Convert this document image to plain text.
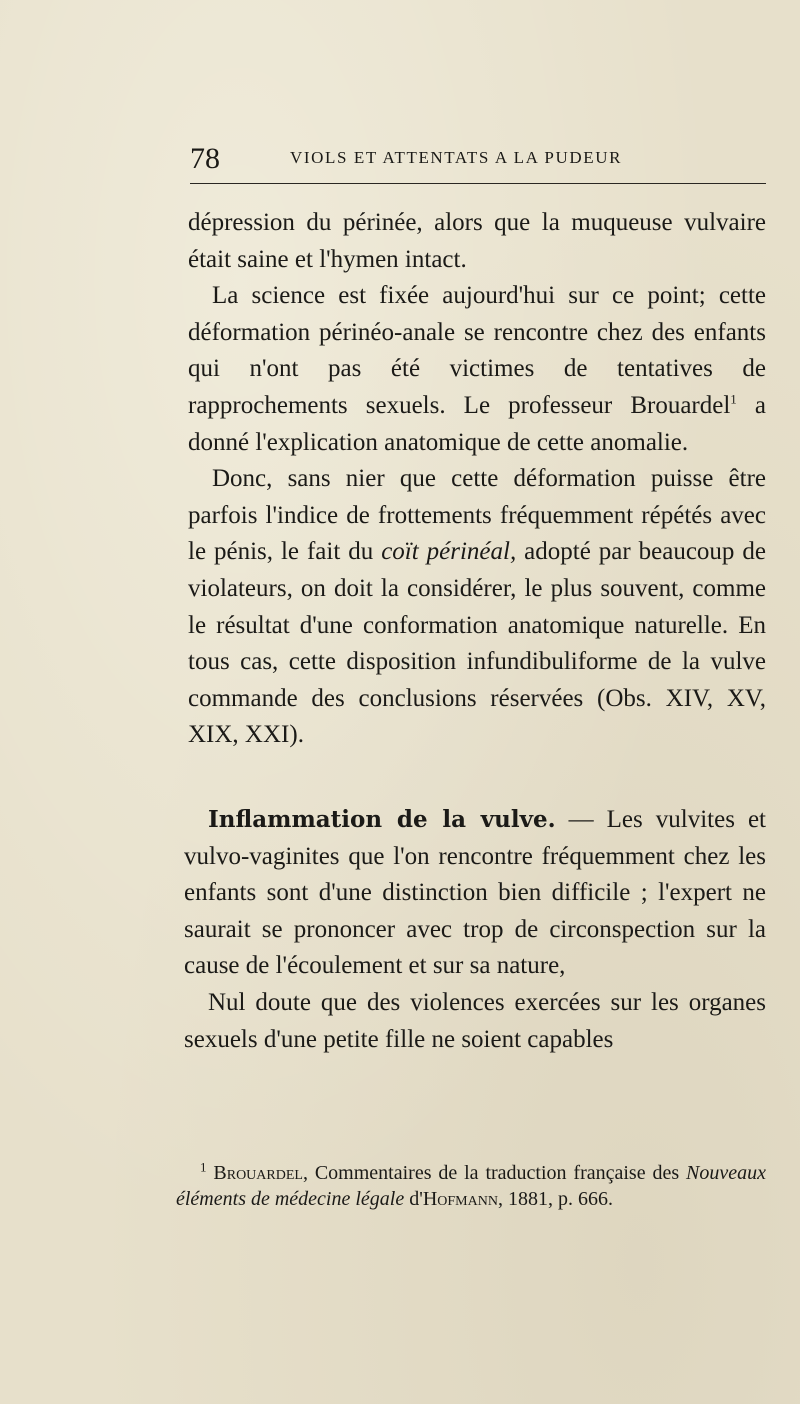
78	VIOLS ET ATTENTATS A LA PUDEUR

dépression du périnée, alors que la muqueuse vulvaire était saine et l'hymen intact.

La science est fixée aujourd'hui sur ce point; cette déformation périnéo-anale se rencontre chez des enfants qui n'ont pas été victimes de tentatives de rapprochements sexuels. Le professeur Brouardel$^1$ a donné l'explication anatomique de cette anomalie.

Donc, sans nier que cette déformation puisse être parfois l'indice de frottements fréquemment répétés avec le pénis, le fait du coït périnéal, adopté par beaucoup de violateurs, on doit la considérer, le plus souvent, comme le résultat d'une conformation anatomique naturelle. En tous cas, cette disposition infundibuliforme de la vulve commande des conclusions réservées (Obs. XIV, XV, XIX, XXI).

Inflammation de la vulve. — Les vulvites et vulvo-vaginites que l'on rencontre fréquemment chez les enfants sont d'une distinction bien difficile ; l'expert ne saurait se prononcer avec trop de circonspection sur la cause de l'écoulement et sur sa nature,

Nul doute que des violences exercées sur les organes sexuels d'une petite fille ne soient capables

$^1$ Brouardel, Commentaires de la traduction française des Nouveaux éléments de médecine légale d'Hofmann, 1881, p. 666.
